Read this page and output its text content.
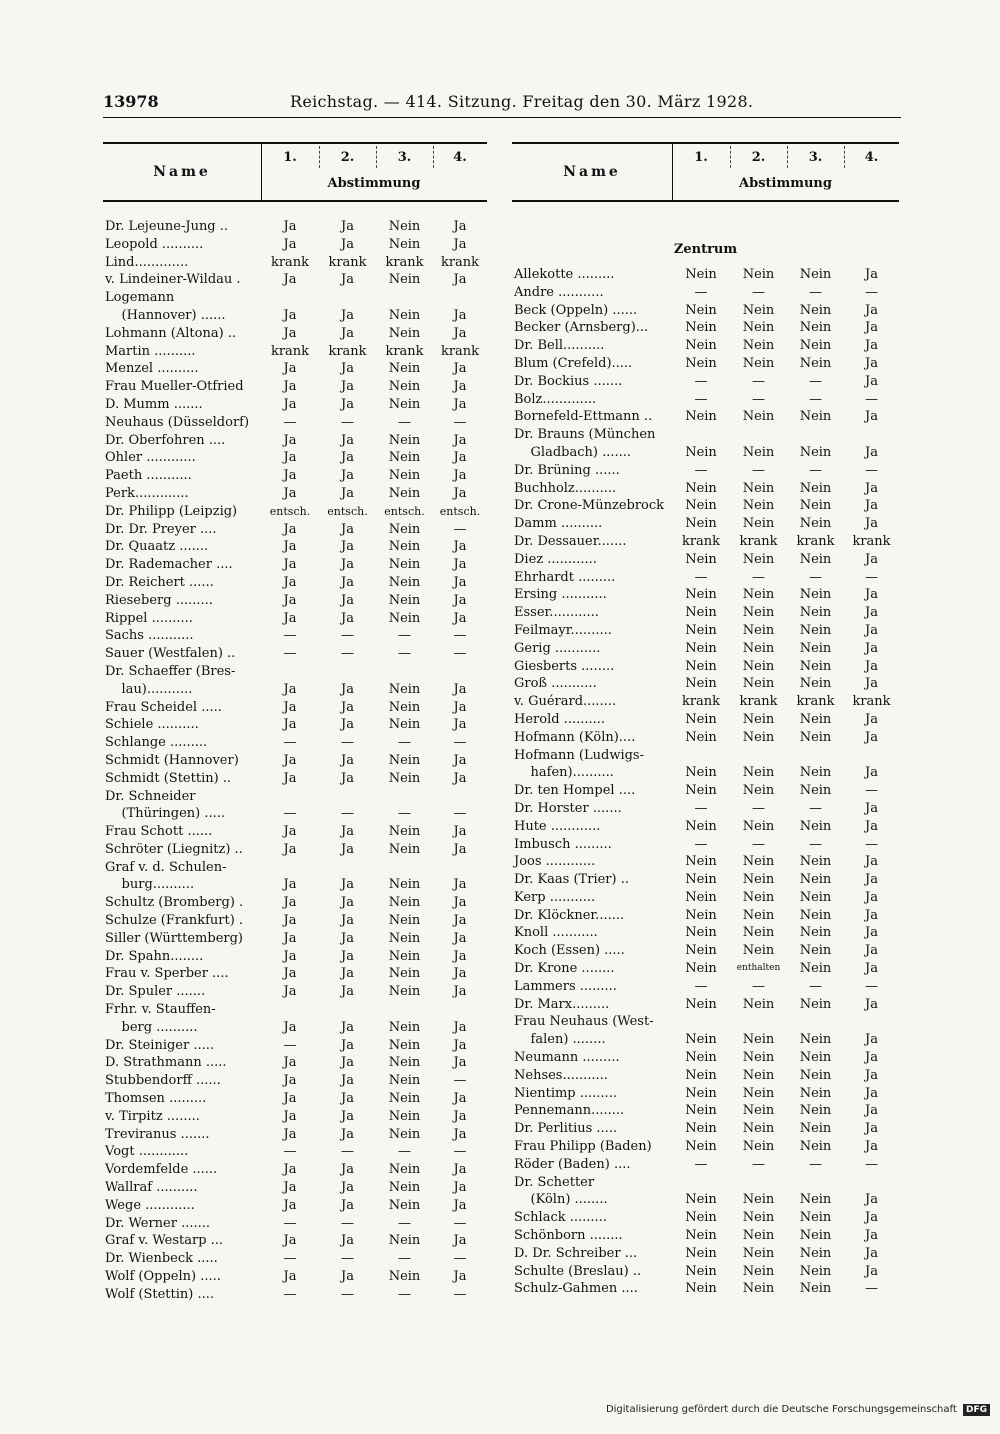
13978	Reichstag. — 414. Sitzung. Freitag den 30. März 1928.
Name
1.	2.	3.	4.
Abstimmung
Dr. Lejeune-Jung ..	Ja	Ja	Nein	Ja
Leopold ..........	Ja	Ja	Nein	Ja
Lind.............	krank	krank	krank	krank
v. Lindeiner-Wildau .	Ja	Ja	Nein	Ja
Logemann				
(Hannover) ......	Ja	Ja	Nein	Ja
Lohmann (Altona) ..	Ja	Ja	Nein	Ja
Martin ..........	krank	krank	krank	krank
Menzel ..........	Ja	Ja	Nein	Ja
Frau Mueller-Otfried	Ja	Ja	Nein	Ja
D. Mumm .......	Ja	Ja	Nein	Ja
Neuhaus (Düsseldorf)	—	—	—	—
Dr. Oberfohren ....	Ja	Ja	Nein	Ja
Ohler ............	Ja	Ja	Nein	Ja
Paeth ...........	Ja	Ja	Nein	Ja
Perk.............	Ja	Ja	Nein	Ja
Dr. Philipp (Leipzig)	entsch.	entsch.	entsch.	entsch.
Dr. Dr. Preyer ....	Ja	Ja	Nein	—
Dr. Quaatz .......	Ja	Ja	Nein	Ja
Dr. Rademacher ....	Ja	Ja	Nein	Ja
Dr. Reichert ......	Ja	Ja	Nein	Ja
Rieseberg .........	Ja	Ja	Nein	Ja
Rippel ..........	Ja	Ja	Nein	Ja
Sachs ...........	—	—	—	—
Sauer (Westfalen) ..	—	—	—	—
Dr. Schaeffer (Bres-				
lau)...........	Ja	Ja	Nein	Ja
Frau Scheidel .....	Ja	Ja	Nein	Ja
Schiele ..........	Ja	Ja	Nein	Ja
Schlange .........	—	—	—	—
Schmidt (Hannover)	Ja	Ja	Nein	Ja
Schmidt (Stettin) ..	Ja	Ja	Nein	Ja
Dr. Schneider				
(Thüringen) .....	—	—	—	—
Frau Schott ......	Ja	Ja	Nein	Ja
Schröter (Liegnitz) ..	Ja	Ja	Nein	Ja
Graf v. d. Schulen-				
burg..........	Ja	Ja	Nein	Ja
Schultz (Bromberg) .	Ja	Ja	Nein	Ja
Schulze (Frankfurt) .	Ja	Ja	Nein	Ja
Siller (Württemberg)	Ja	Ja	Nein	Ja
Dr. Spahn........	Ja	Ja	Nein	Ja
Frau v. Sperber ....	Ja	Ja	Nein	Ja
Dr. Spuler .......	Ja	Ja	Nein	Ja
Frhr. v. Stauffen-				
berg ..........	Ja	Ja	Nein	Ja
Dr. Steiniger .....	—	Ja	Nein	Ja
D. Strathmann .....	Ja	Ja	Nein	Ja
Stubbendorff ......	Ja	Ja	Nein	—
Thomsen .........	Ja	Ja	Nein	Ja
v. Tirpitz ........	Ja	Ja	Nein	Ja
Treviranus .......	Ja	Ja	Nein	Ja
Vogt ............	—	—	—	—
Vordemfelde ......	Ja	Ja	Nein	Ja
Wallraf ..........	Ja	Ja	Nein	Ja
Wege ............	Ja	Ja	Nein	Ja
Dr. Werner .......	—	—	—	—
Graf v. Westarp ...	Ja	Ja	Nein	Ja
Dr. Wienbeck .....	—	—	—	—
Wolf (Oppeln) .....	Ja	Ja	Nein	Ja
Wolf (Stettin) ....	—	—	—	—
Name
1.	2.	3.	4.
Abstimmung
Zentrum				
Allekotte .........	Nein	Nein	Nein	Ja
Andre ...........	—	—	—	—
Beck (Oppeln) ......	Nein	Nein	Nein	Ja
Becker (Arnsberg)...	Nein	Nein	Nein	Ja
Dr. Bell..........	Nein	Nein	Nein	Ja
Blum (Crefeld).....	Nein	Nein	Nein	Ja
Dr. Bockius .......	—	—	—	Ja
Bolz.............	—	—	—	—
Bornefeld-Ettmann ..	Nein	Nein	Nein	Ja
Dr. Brauns (München				
Gladbach) .......	Nein	Nein	Nein	Ja
Dr. Brüning ......	—	—	—	—
Buchholz..........	Nein	Nein	Nein	Ja
Dr. Crone-Münzebrock	Nein	Nein	Nein	Ja
Damm ..........	Nein	Nein	Nein	Ja
Dr. Dessauer.......	krank	krank	krank	krank
Diez ............	Nein	Nein	Nein	Ja
Ehrhardt .........	—	—	—	—
Ersing ...........	Nein	Nein	Nein	Ja
Esser............	Nein	Nein	Nein	Ja
Feilmayr..........	Nein	Nein	Nein	Ja
Gerig ...........	Nein	Nein	Nein	Ja
Giesberts ........	Nein	Nein	Nein	Ja
Groß ...........	Nein	Nein	Nein	Ja
v. Guérard........	krank	krank	krank	krank
Herold ..........	Nein	Nein	Nein	Ja
Hofmann (Köln)....	Nein	Nein	Nein	Ja
Hofmann (Ludwigs-				
hafen)..........	Nein	Nein	Nein	Ja
Dr. ten Hompel ....	Nein	Nein	Nein	—
Dr. Horster .......	—	—	—	Ja
Hute ............	Nein	Nein	Nein	Ja
Imbusch .........	—	—	—	—
Joos ............	Nein	Nein	Nein	Ja
Dr. Kaas (Trier) ..	Nein	Nein	Nein	Ja
Kerp ...........	Nein	Nein	Nein	Ja
Dr. Klöckner.......	Nein	Nein	Nein	Ja
Knoll ...........	Nein	Nein	Nein	Ja
Koch (Essen) .....	Nein	Nein	Nein	Ja
Dr. Krone ........	Nein	enthalten	Nein	Ja
Lammers .........	—	—	—	—
Dr. Marx.........	Nein	Nein	Nein	Ja
Frau Neuhaus (West-				
falen) ........	Nein	Nein	Nein	Ja
Neumann .........	Nein	Nein	Nein	Ja
Nehses...........	Nein	Nein	Nein	Ja
Nientimp .........	Nein	Nein	Nein	Ja
Pennemann........	Nein	Nein	Nein	Ja
Dr. Perlitius .....	Nein	Nein	Nein	Ja
Frau Philipp (Baden)	Nein	Nein	Nein	Ja
Röder (Baden) ....	—	—	—	—
Dr. Schetter				
(Köln) ........	Nein	Nein	Nein	Ja
Schlack .........	Nein	Nein	Nein	Ja
Schönborn ........	Nein	Nein	Nein	Ja
D. Dr. Schreiber ...	Nein	Nein	Nein	Ja
Schulte (Breslau) ..	Nein	Nein	Nein	Ja
Schulz-Gahmen ....	Nein	Nein	Nein	—
Digitalisierung gefördert durch die Deutsche Forschungsgemeinschaft DFG
